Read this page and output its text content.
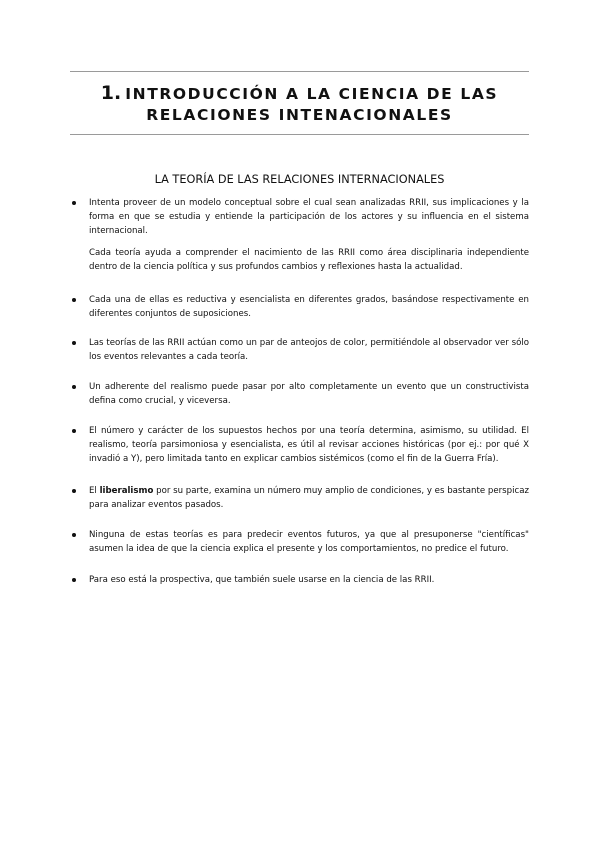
1. INTRODUCCIÓN A LA CIENCIA DE LAS
RELACIONES INTENACIONALES
LA TEORÍA DE LAS RELACIONES INTERNACIONALES

Intenta proveer de un modelo conceptual sobre el cual sean analizadas RRII, sus implicaciones y la forma en que se estudia y entiende la participación de los actores y su influencia en el sistema internacional.

Cada teoría ayuda a comprender el nacimiento de las RRII como área disciplinaria independiente dentro de la ciencia política y sus profundos cambios y reflexiones hasta la actualidad.

Cada una de ellas es reductiva y esencialista en diferentes grados, basándose respectivamente en diferentes conjuntos de suposiciones.

Las teorías de las RRII actúan como un par de anteojos de color, permitiéndole al observador ver sólo los eventos relevantes a cada teoría.

Un adherente del realismo puede pasar por alto completamente un evento que un constructivista defina como crucial, y viceversa.

El número y carácter de los supuestos hechos por una teoría determina, asimismo, su utilidad. El realismo, teoría parsimoniosa y esencialista, es útil al revisar acciones históricas (por ej.: por qué X invadió a Y), pero limitada tanto en explicar cambios sistémicos (como el fin de la Guerra Fría).

El liberalismo por su parte, examina un número muy amplio de condiciones, y es bastante perspicaz para analizar eventos pasados.

Ninguna de estas teorías es para predecir eventos futuros, ya que al presuponerse "científicas" asumen la idea de que la ciencia explica el presente y los comportamientos, no predice el futuro.

Para eso está la prospectiva, que también suele usarse en la ciencia de las RRII.
